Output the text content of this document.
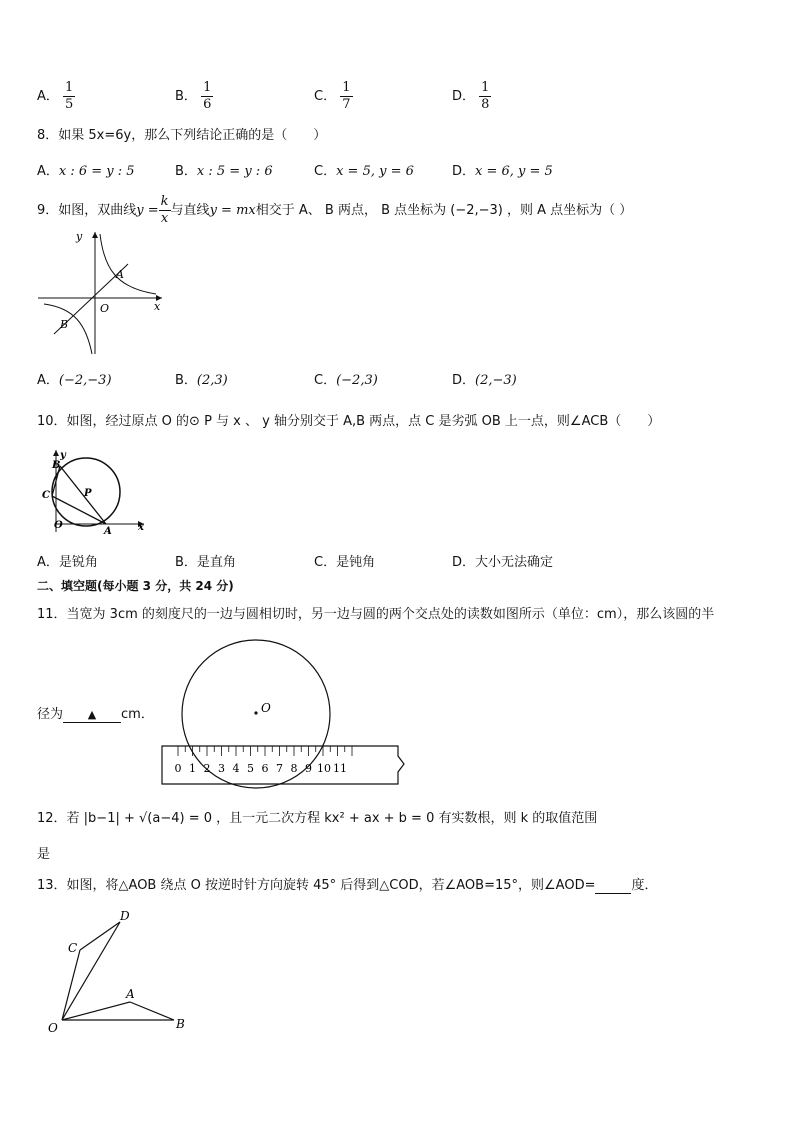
A． $\frac{1}{5}$	B． $\frac{1}{6}$	C． $\frac{1}{7}$	D． $\frac{1}{8}$
8．如果 5x=6y，那么下列结论正确的是（　　）
A．x : 6 = y : 5	B．x : 5 = y : 6	C．x = 5, y = 6	D．x = 6, y = 5
9．如图，双曲线$y = \frac{k}{x}$ 与直线y = mx相交于 A、 B 两点， B 点坐标为 (−2,−3) ，则 A 点坐标为（ ）
y
x
O
A
B
A．(−2,−3)	B．(2,3)	C．(−2,3)	D．(2,−3)
10．如图，经过原点 O 的⊙ P 与 x 、 y 轴分别交于 A,B 两点，点 C 是劣弧 OB 上一点，则∠ACB（　　）
y
B
C	P
O
A	x
A．是锐角	B．是直角	C．是钝角	D．大小无法确定
二、填空题(每小题 3 分，共 24 分)
11．当宽为 3cm 的刻度尺的一边与圆相切时，另一边与圆的两个交点处的读数如图所示（单位：cm），那么该圆的半
径为 ▲ cm．	O
0 1 2 3 4 5 6 7 8 9 10 11
12．若 |b−1| + √(a−4) = 0 ，且一元二次方程 kx² + ax + b = 0 有实数根，则 k 的取值范围
是
13．如图，将△AOB 绕点 O 按逆时针方向旋转 45° 后得到△COD，若∠AOB=15°，则∠AOD=	度．
O
A
B
C
D
